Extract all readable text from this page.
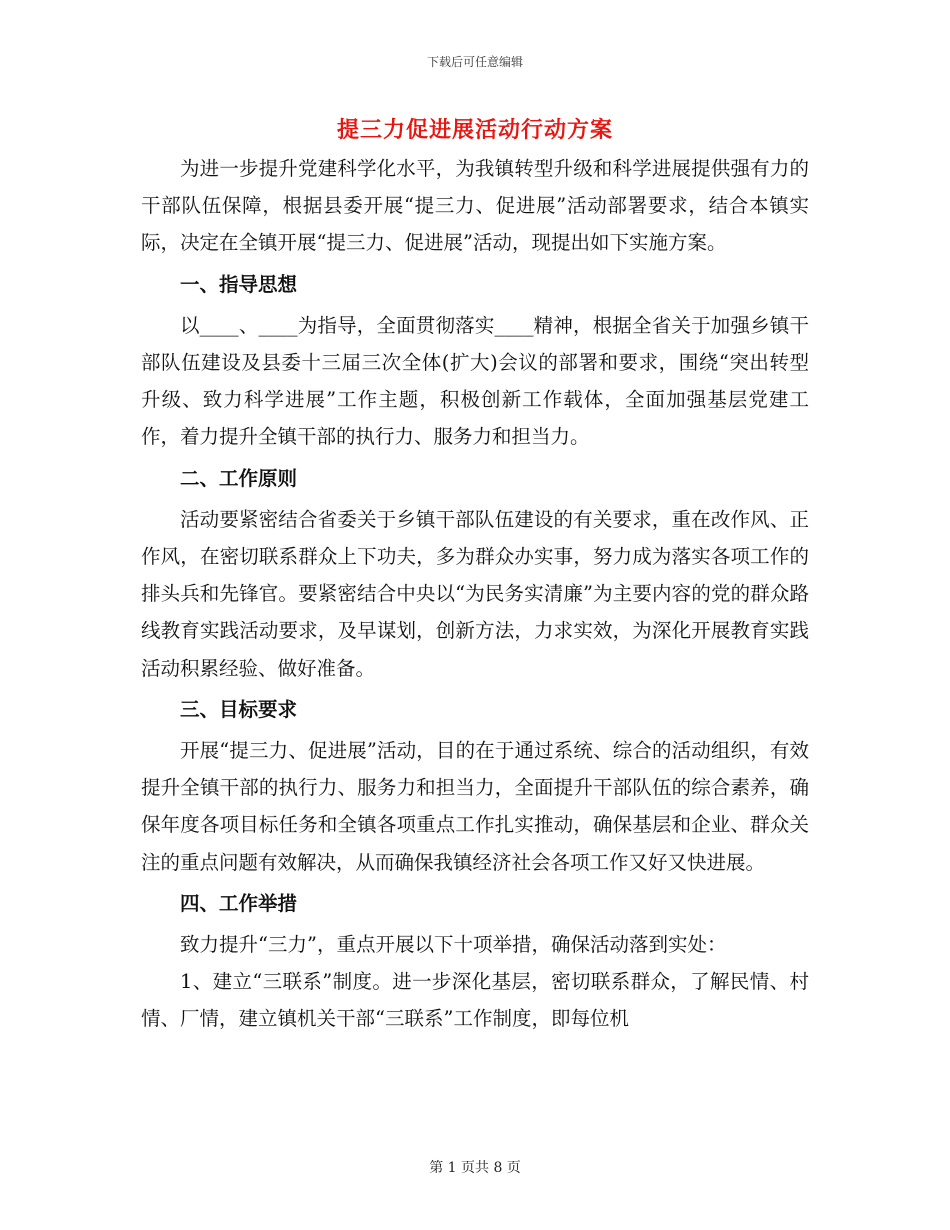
下载后可任意编辑
提三力促进展活动行动方案

为进一步提升党建科学化水平，为我镇转型升级和科学进展提供强有力的干部队伍保障，根据县委开展“提三力、促进展”活动部署要求，结合本镇实际，决定在全镇开展“提三力、促进展”活动，现提出如下实施方案。

一、指导思想

以____、____为指导，全面贯彻落实____精神，根据全省关于加强乡镇干部队伍建设及县委十三届三次全体(扩大)会议的部署和要求，围绕“突出转型升级、致力科学进展”工作主题，积极创新工作载体，全面加强基层党建工作，着力提升全镇干部的执行力、服务力和担当力。

二、工作原则

活动要紧密结合省委关于乡镇干部队伍建设的有关要求，重在改作风、正作风，在密切联系群众上下功夫，多为群众办实事，努力成为落实各项工作的排头兵和先锋官。要紧密结合中央以“为民务实清廉”为主要内容的党的群众路线教育实践活动要求，及早谋划，创新方法，力求实效，为深化开展教育实践活动积累经验、做好准备。

三、目标要求

开展“提三力、促进展”活动，目的在于通过系统、综合的活动组织，有效提升全镇干部的执行力、服务力和担当力，全面提升干部队伍的综合素养，确保年度各项目标任务和全镇各项重点工作扎实推动，确保基层和企业、群众关注的重点问题有效解决，从而确保我镇经济社会各项工作又好又快进展。

四、工作举措

致力提升“三力”，重点开展以下十项举措，确保活动落到实处：

1、建立“三联系”制度。进一步深化基层，密切联系群众，了解民情、村情、厂情，建立镇机关干部“三联系”工作制度，即每位机

第 1 页共 8 页
